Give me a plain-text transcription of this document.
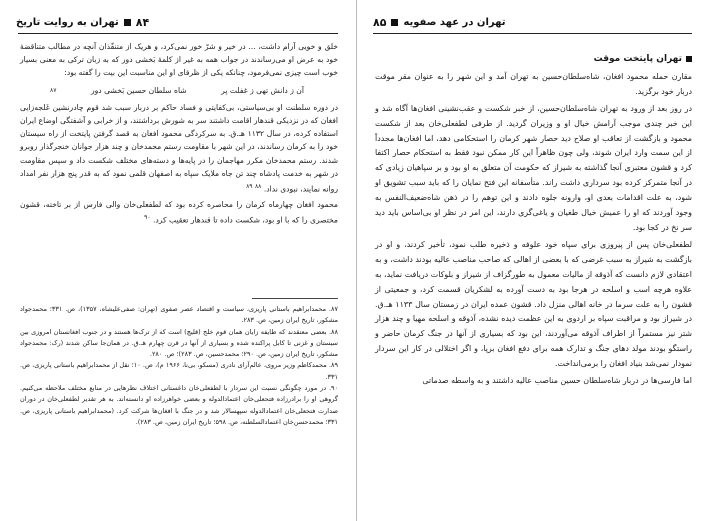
۸۴
تهران به روایت تاریخ

خلق و خویی آرام داشت، ... در خیر و شرّ خور نمی‌کرد، و هریک از متنفّذان آنچه در مطالب متناقضهٔ خود به عرض او می‌رساندند در جواب همه به غیر از کلمهٔ بَخشی دور که به زبان ترکی به معنی بسیار خوب است چیزی نمی‌فرمود، چنانکه یکی از ظرفای او این مناسبت این بیت را گفته بود:

آن ز دانش تهی ز غفلت پر
شاه سلطان حسین بَخشی دور
۸۷

در دوره سلطنت او بی‌سیاستی، بی‌کفایتی و فساد حاکم بر دربار سبب شد قوم چادرنشین غَلجه‌زایی افغان که در نزدیکی قندهار اقامت داشتند سر به شورش برداشتند، و از خرابی و آشفتگی اوضاع ایران استفاده کرده، در سال ۱۱۳۲ هـ.ق. به سرکردگی محمود افغان به قصد گرفتن پایتخت از راه سیستان خود را به کرمان رساندند، در این شهر با مقاومت رستم محمدخان و چند هزار جوانان خنجرگذار روبرو شدند. رستم محمدخان مکرر مهاجمان را در پایه‌ها و دسته‌های مختلف شکست داد و سپس مقاومت در شهر به خدمت پادشاه چند تن جاه ملایک سپاه به اصفهان قلمی نمود که به قدر پنج هزار نفر امداد روانه نمایند، نبودی نداد. $^{۸۸}$ $^{۸۹}$

محمود افغان چهارماه کرمان را محاصره کرده بود که لطفعلی‌خان والی فارس از بر تاخته، قشون مختصری را که با او بود، شکست داده تا قندهار تعقیب کرد. $^{۹۰}$

۸۷. محمدابراهیم باستانی پاریزی، سیاست و اقتصاد عصر صفوی (تهران: صفی‌علیشاه، ۱۳۵۷)، ص. ۳۳۱؛ محمدجواد مشکور، تاریخ ایران زمین، ص. ۲۸۳.

۸۸. بعضی معتقدند که طایفه زایان همان قوم خلج (قلیچ) است که از ترک‌ها هستند و در جنوب افغانستان امروزی بین سیستان و غزنی تا کابل پراکنده شده و بسیاری از آنها در قرن چهارم هـ.ق. در همان‌جا ساکن شدند (رک: محمدجواد مشکور، تاریخ ایران زمین، ص. ۲۹۰؛ محمدحسین، ص. ۲۸۳)؛ ص. ۲۸۰.

۸۹. محمدکاظم وزیر مروی، عالم‌آرای نادری (مسکو، بی‌نا، ۱۹۶۶ م)، ص. ۱۰؛ نقل از محمدابراهیم باستانی پاریزی، ص. ۳۳۱.

۹۰. در مورد چگونگی نسبت این سردار با لطفعلی‌خان داغستانی اختلاف نظرهایی در منابع مختلف ملاحظه می‌کنیم. گروهی او را برادرزاده فتحعلی‌خان اعتمادالدوله و بعضی خواهرزاده او دانسته‌اند. به هر تقدیر لطفعلی‌خان در دوران صدارت فتحعلی‌خان اعتمادالدوله سپهسالار شد و در جنگ با افغان‌ها شرکت کرد. (محمدابراهیم باستانی پاریزی، ص. ۳۳۱؛ محمدحسن‌خان اعتمادالسلطنه، ص. ۵۹۸؛ تاریخ ایران زمین، ص. ۲۸۳).

تهران در عهد صفویه
۸۵

تهران پایتخت موقت

مقارن حمله محمود افغان، شاه‌سلطان‌حسین به تهران آمد و این شهر را به عنوان مقر موقت دربار خود برگزید.

در روز بعد از ورود به تهران شاه‌سلطان‌حسین، از خبر شکست و عقب‌نشینی افغان‌ها آگاه شد و این خبر چندی موجب آرامش خیال او و وزیران گردید. از طرفی لطفعلی‌خان بعد از شکست محمود و بازگشت از تعاقب او صلاح دید حصار شهر کرمان را استحکامی دهد، اما افغان‌ها مجدداً از این سمت وارد ایران شوند، ولی چون ظاهراً این کار ممکن نبود فقط به استحکام حصار اکتفا کرد و قشون معتبری آنجا گذاشته به شیراز که حکومت آن متعلق به او بود و بر سپاهیان زیادی که در آنجا متمرکز کرده بود سرداری داشت راند. متأسفانه این فتح نمایان را که باید سبب تشویق او شود، به علت اقدامات بعدی او، وارونه جلوه دادند و این توهم را در ذهن شاه‌ضعیف‌النفس به وجود آوردند که او را عمیش خیال طغیان و یاغی‌گری دارند، این امر در نظر او بی‌اساس باید دید سر نخ در کجا بود.

لطفعلی‌خان پس از پیروزی برای سپاه خود علوفه و ذخیره طلب نمود، تأخیر کردند، و او در بازگشت به شیراز به سبب غرضی که با بعضی از اهالی که صاحب مناصب عالیه بودند داشت، و به اعتقادی لازم دانست که آذوقه از مالیات معمول به طورگزاف از شیراز و بلوکات دریافت نماید، به علاوه هرچه اسب و اسلحه در هرجا بود به دست آورده به لشکریان قسمت کرد، و جمعیتی از قشون را به علت سرما در خانه اهالی منزل داد. قشون عمده ایران در زمستان سال ۱۱۳۳ هـ.ق. در شیراز بود و مراقبت سپاه بر اردوی به این عظمت دیده نشده، آذوقه و اسلحه مهیا و چند هزار شتر نیز مستمراً از اطراف آذوقه می‌آوردند، این بود که بسیاری از آنها در جنگ کرمان حاضر و راستگو بودند مولد دهای جنگ و تدارک همه برای دفع افغان برپا، و اگر اختلالی در کار این سردار نمودار نمی‌شد بنیاد افغان را برمی‌انداخت.

اما فارسی‌ها در دربار شاه‌سلطان حسین مناصب عالیه داشتند و به واسطه صدماتی
